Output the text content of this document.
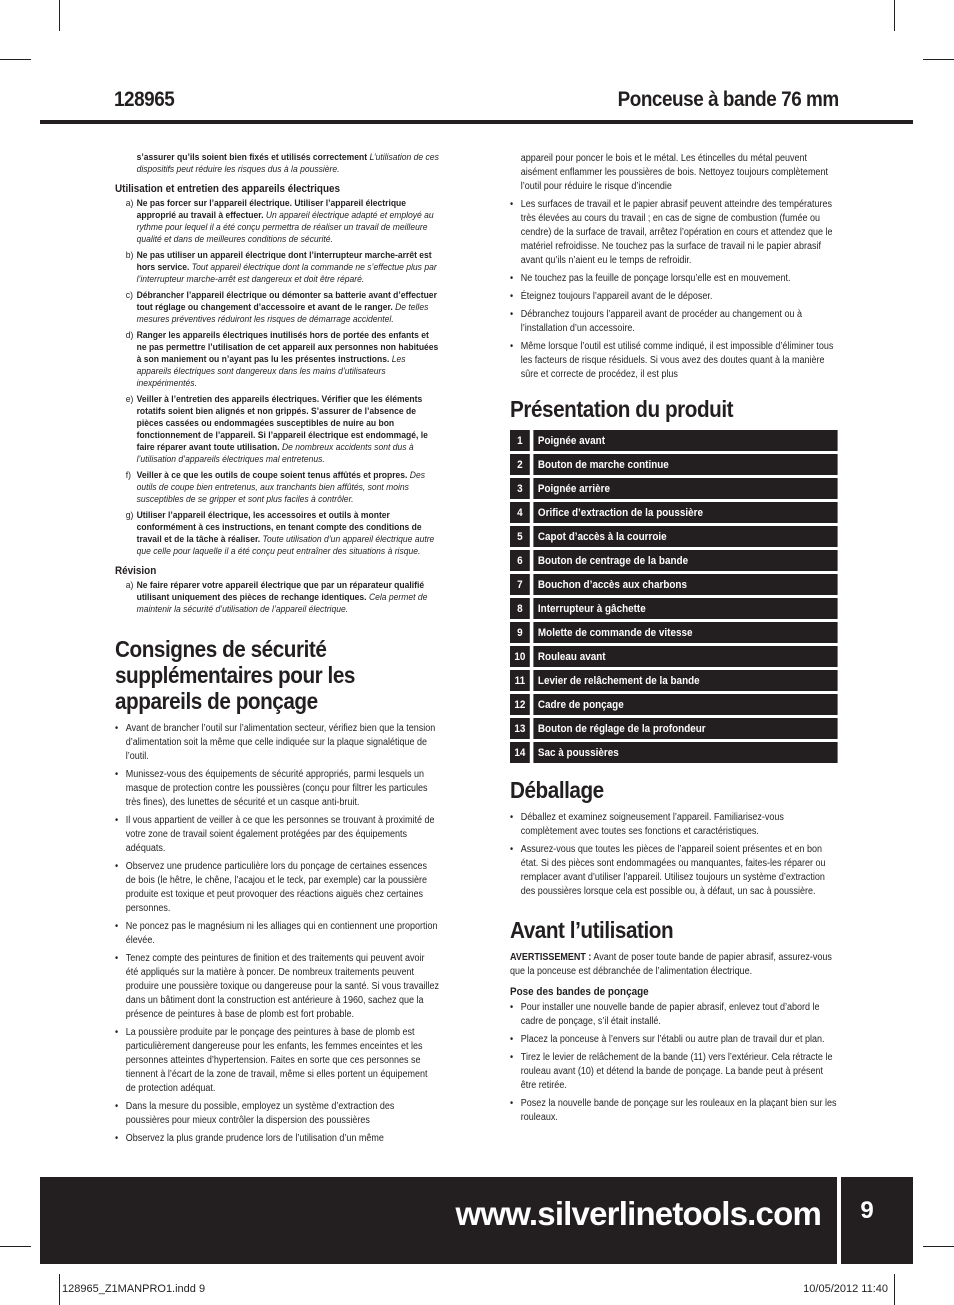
128965	Ponceuse à bande 76 mm
s’assurer qu’ils soient bien fixés et utilisés correctement L’utilisation de ces dispositifs peut réduire les risques dus à la poussière.
Utilisation et entretien des appareils électriques
a) Ne pas forcer sur l’appareil électrique. Utiliser l’appareil électrique approprié au travail à effectuer. Un appareil électrique adapté et employé au rythme pour lequel il a été conçu permettra de réaliser un travail de meilleure qualité et dans de meilleures conditions de sécurité.
b) Ne pas utiliser un appareil électrique dont l’interrupteur marche-arrêt est hors service. Tout appareil électrique dont la commande ne s’effectue plus par l’interrupteur marche-arrêt est dangereux et doit être réparé.
c) Débrancher l’appareil électrique ou démonter sa batterie avant d’effectuer tout réglage ou changement d’accessoire et avant de le ranger. De telles mesures préventives réduiront les risques de démarrage accidentel.
d) Ranger les appareils électriques inutilisés hors de portée des enfants et ne pas permettre l’utilisation de cet appareil aux personnes non habituées à son maniement ou n’ayant pas lu les présentes instructions. Les appareils électriques sont dangereux dans les mains d’utilisateurs inexpérimentés.
e) Veiller à l’entretien des appareils électriques. Vérifier que les éléments rotatifs soient bien alignés et non grippés. S’assurer de l’absence de pièces cassées ou endommagées susceptibles de nuire au bon fonctionnement de l’appareil. Si l’appareil électrique est endommagé, le faire réparer avant toute utilisation. De nombreux accidents sont dus à l’utilisation d’appareils électriques mal entretenus.
f) Veiller à ce que les outils de coupe soient tenus affûtés et propres. Des outils de coupe bien entretenus, aux tranchants bien affûtés, sont moins susceptibles de se gripper et sont plus faciles à contrôler.
g) Utiliser l’appareil électrique, les accessoires et outils à monter conformément à ces instructions, en tenant compte des conditions de travail et de la tâche à réaliser. Toute utilisation d’un appareil électrique autre que celle pour laquelle il a été conçu peut entraîner des situations à risque.
Révision
a) Ne faire réparer votre appareil électrique que par un réparateur qualifié utilisant uniquement des pièces de rechange identiques. Cela permet de maintenir la sécurité d’utilisation de l’appareil électrique.
Consignes de sécurité supplémentaires pour les appareils de ponçage
• Avant de brancher l’outil sur l’alimentation secteur, vérifiez bien que la tension d’alimentation soit la même que celle indiquée sur la plaque signalétique de l’outil.
• Munissez-vous des équipements de sécurité appropriés, parmi lesquels un masque de protection contre les poussières (conçu pour filtrer les particules très fines), des lunettes de sécurité et un casque anti-bruit.
• Il vous appartient de veiller à ce que les personnes se trouvant à proximité de votre zone de travail soient également protégées par des équipements adéquats.
• Observez une prudence particulière lors du ponçage de certaines essences de bois (le hêtre, le chêne, l’acajou et le teck, par exemple) car la poussière produite est toxique et peut provoquer des réactions aiguës chez certaines personnes.
• Ne poncez pas le magnésium ni les alliages qui en contiennent une proportion élevée.
• Tenez compte des peintures de finition et des traitements qui peuvent avoir été appliqués sur la matière à poncer. De nombreux traitements peuvent produire une poussière toxique ou dangereuse pour la santé. Si vous travaillez dans un bâtiment dont la construction est antérieure à 1960, sachez que la présence de peintures à base de plomb est fort probable.
• La poussière produite par le ponçage des peintures à base de plomb est particulièrement dangereuse pour les enfants, les femmes enceintes et les personnes atteintes d’hypertension. Faites en sorte que ces personnes se tiennent à l’écart de la zone de travail, même si elles portent un équipement de protection adéquat.
• Dans la mesure du possible, employez un système d’extraction des poussières pour mieux contrôler la dispersion des poussières
• Observez la plus grande prudence lors de l’utilisation d’un même
appareil pour poncer le bois et le métal. Les étincelles du métal peuvent aisément enflammer les poussières de bois. Nettoyez toujours complètement l’outil pour réduire le risque d’incendie
• Les surfaces de travail et le papier abrasif peuvent atteindre des températures très élevées au cours du travail ; en cas de signe de combustion (fumée ou cendre) de la surface de travail, arrêtez l’opération en cours et attendez que le matériel refroidisse. Ne touchez pas la surface de travail ni le papier abrasif avant qu’ils n’aient eu le temps de refroidir.
• Ne touchez pas la feuille de ponçage lorsqu’elle est en mouvement.
• Éteignez toujours l’appareil avant de le déposer.
• Débranchez toujours l’appareil avant de procéder au changement ou à l’installation d’un accessoire.
• Même lorsque l’outil est utilisé comme indiqué, il est impossible d’éliminer tous les facteurs de risque résiduels. Si vous avez des doutes quant à la manière sûre et correcte de procédez, il est plus
Présentation du produit
1	Poignée avant
2	Bouton de marche continue
3	Poignée arrière
4	Orifice d’extraction de la poussière
5	Capot d’accès à la courroie
6	Bouton de centrage de la bande
7	Bouchon d’accès aux charbons
8	Interrupteur à gâchette
9	Molette de commande de vitesse
10	Rouleau avant
11	Levier de relâchement de la bande
12	Cadre de ponçage
13	Bouton de réglage de la profondeur
14	Sac à poussières
Déballage
• Déballez et examinez soigneusement l’appareil. Familiarisez-vous complètement avec toutes ses fonctions et caractéristiques.
• Assurez-vous que toutes les pièces de l’appareil soient présentes et en bon état. Si des pièces sont endommagées ou manquantes, faites-les réparer ou remplacer avant d’utiliser l’appareil. Utilisez toujours un système d’extraction des poussières lorsque cela est possible ou, à défaut, un sac à poussière.
Avant l’utilisation
AVERTISSEMENT : Avant de poser toute bande de papier abrasif, assurez-vous que la ponceuse est débranchée de l’alimentation électrique.
Pose des bandes de ponçage
• Pour installer une nouvelle bande de papier abrasif, enlevez tout d’abord le cadre de ponçage, s’il était installé.
• Placez la ponceuse à l’envers sur l’établi ou autre plan de travail dur et plan.
• Tirez le levier de relâchement de la bande (11) vers l’extérieur. Cela rétracte le rouleau avant (10) et détend la bande de ponçage. La bande peut à présent être retirée.
• Posez la nouvelle bande de ponçage sur les rouleaux en la plaçant bien sur les rouleaux.
www.silverlinetools.com	9
128965_Z1MANPRO1.indd 9	10/05/2012 11:40
